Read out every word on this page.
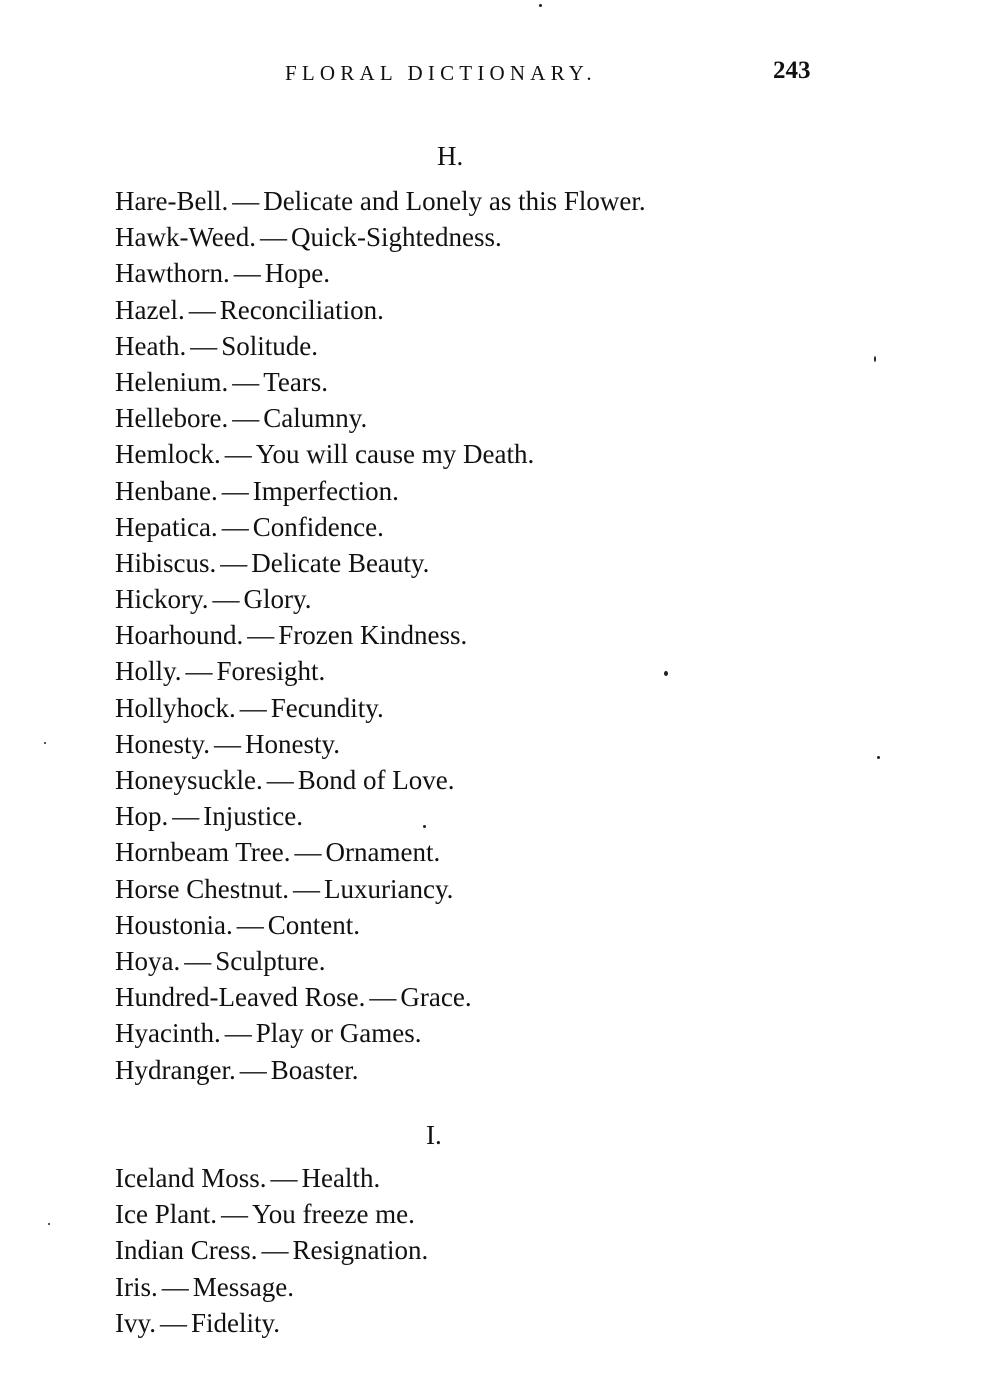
FLORAL DICTIONARY.	243
H.
Hare-Bell. — Delicate and Lonely as this Flower.
Hawk-Weed. — Quick-Sightedness.
Hawthorn. — Hope.
Hazel. — Reconciliation.
Heath. — Solitude.
Helenium. — Tears.
Hellebore. — Calumny.
Hemlock. — You will cause my Death.
Henbane. — Imperfection.
Hepatica. — Confidence.
Hibiscus. — Delicate Beauty.
Hickory. — Glory.
Hoarhound. — Frozen Kindness.
Holly. — Foresight.
Hollyhock. — Fecundity.
Honesty. — Honesty.
Honeysuckle. — Bond of Love.
Hop. — Injustice.
Hornbeam Tree. — Ornament.
Horse Chestnut. — Luxuriancy.
Houstonia. — Content.
Hoya. — Sculpture.
Hundred-Leaved Rose. — Grace.
Hyacinth. — Play or Games.
Hydranger. — Boaster.
I.
Iceland Moss. — Health.
Ice Plant. — You freeze me.
Indian Cress. — Resignation.
Iris. — Message.
Ivy. — Fidelity.
